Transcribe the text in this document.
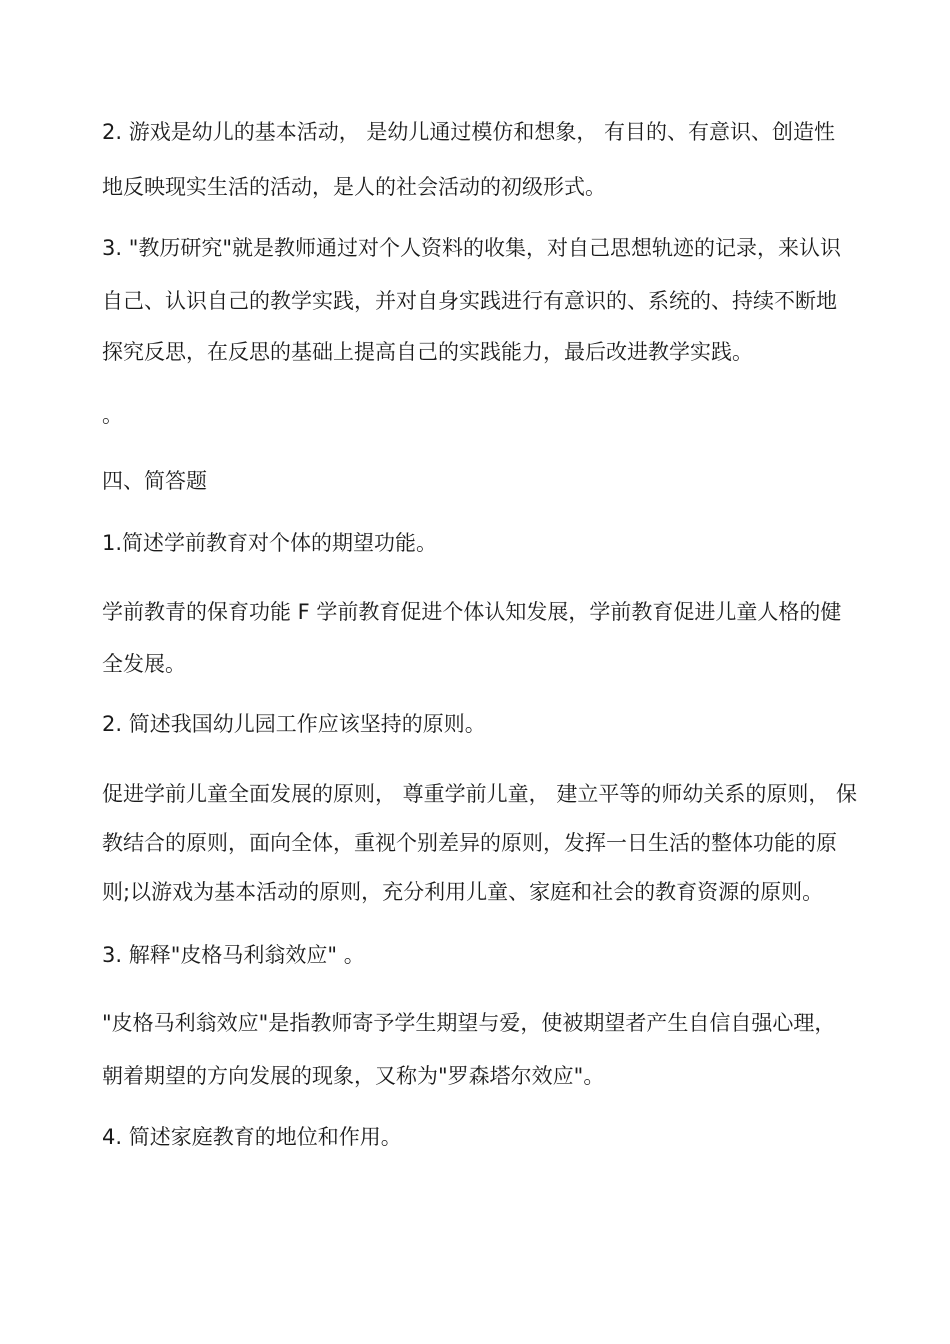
2. 游戏是幼儿的基本活动， 是幼儿通过模仿和想象， 有目的、有意识、创造性
地反映现实生活的活动，是人的社会活动的初级形式。
3. "教历研究"就是教师通过对个人资料的收集，对自己思想轨迹的记录，来认识
自己、认识自己的教学实践，并对自身实践进行有意识的、系统的、持续不断地
探究反思，在反思的基础上提高自己的实践能力，最后改进教学实践。
。
四、简答题
1.简述学前教育对个体的期望功能。
学前教青的保育功能 F 学前教育促进个体认知发展，学前教育促进儿童人格的健
全发展。
2. 简述我国幼儿园工作应该坚持的原则。
促进学前儿童全面发展的原则， 尊重学前儿童， 建立平等的师幼关系的原则， 保
教结合的原则，面向全体，重视个别差异的原则，发挥一日生活的整体功能的原
则;以游戏为基本活动的原则，充分利用儿童、家庭和社会的教育资源的原则。
3. 解释"皮格马利翁效应" 。
"皮格马利翁效应"是指教师寄予学生期望与爱，使被期望者产生自信自强心理，
朝着期望的方向发展的现象，又称为"罗森塔尔效应"。
4. 简述家庭教育的地位和作用。
